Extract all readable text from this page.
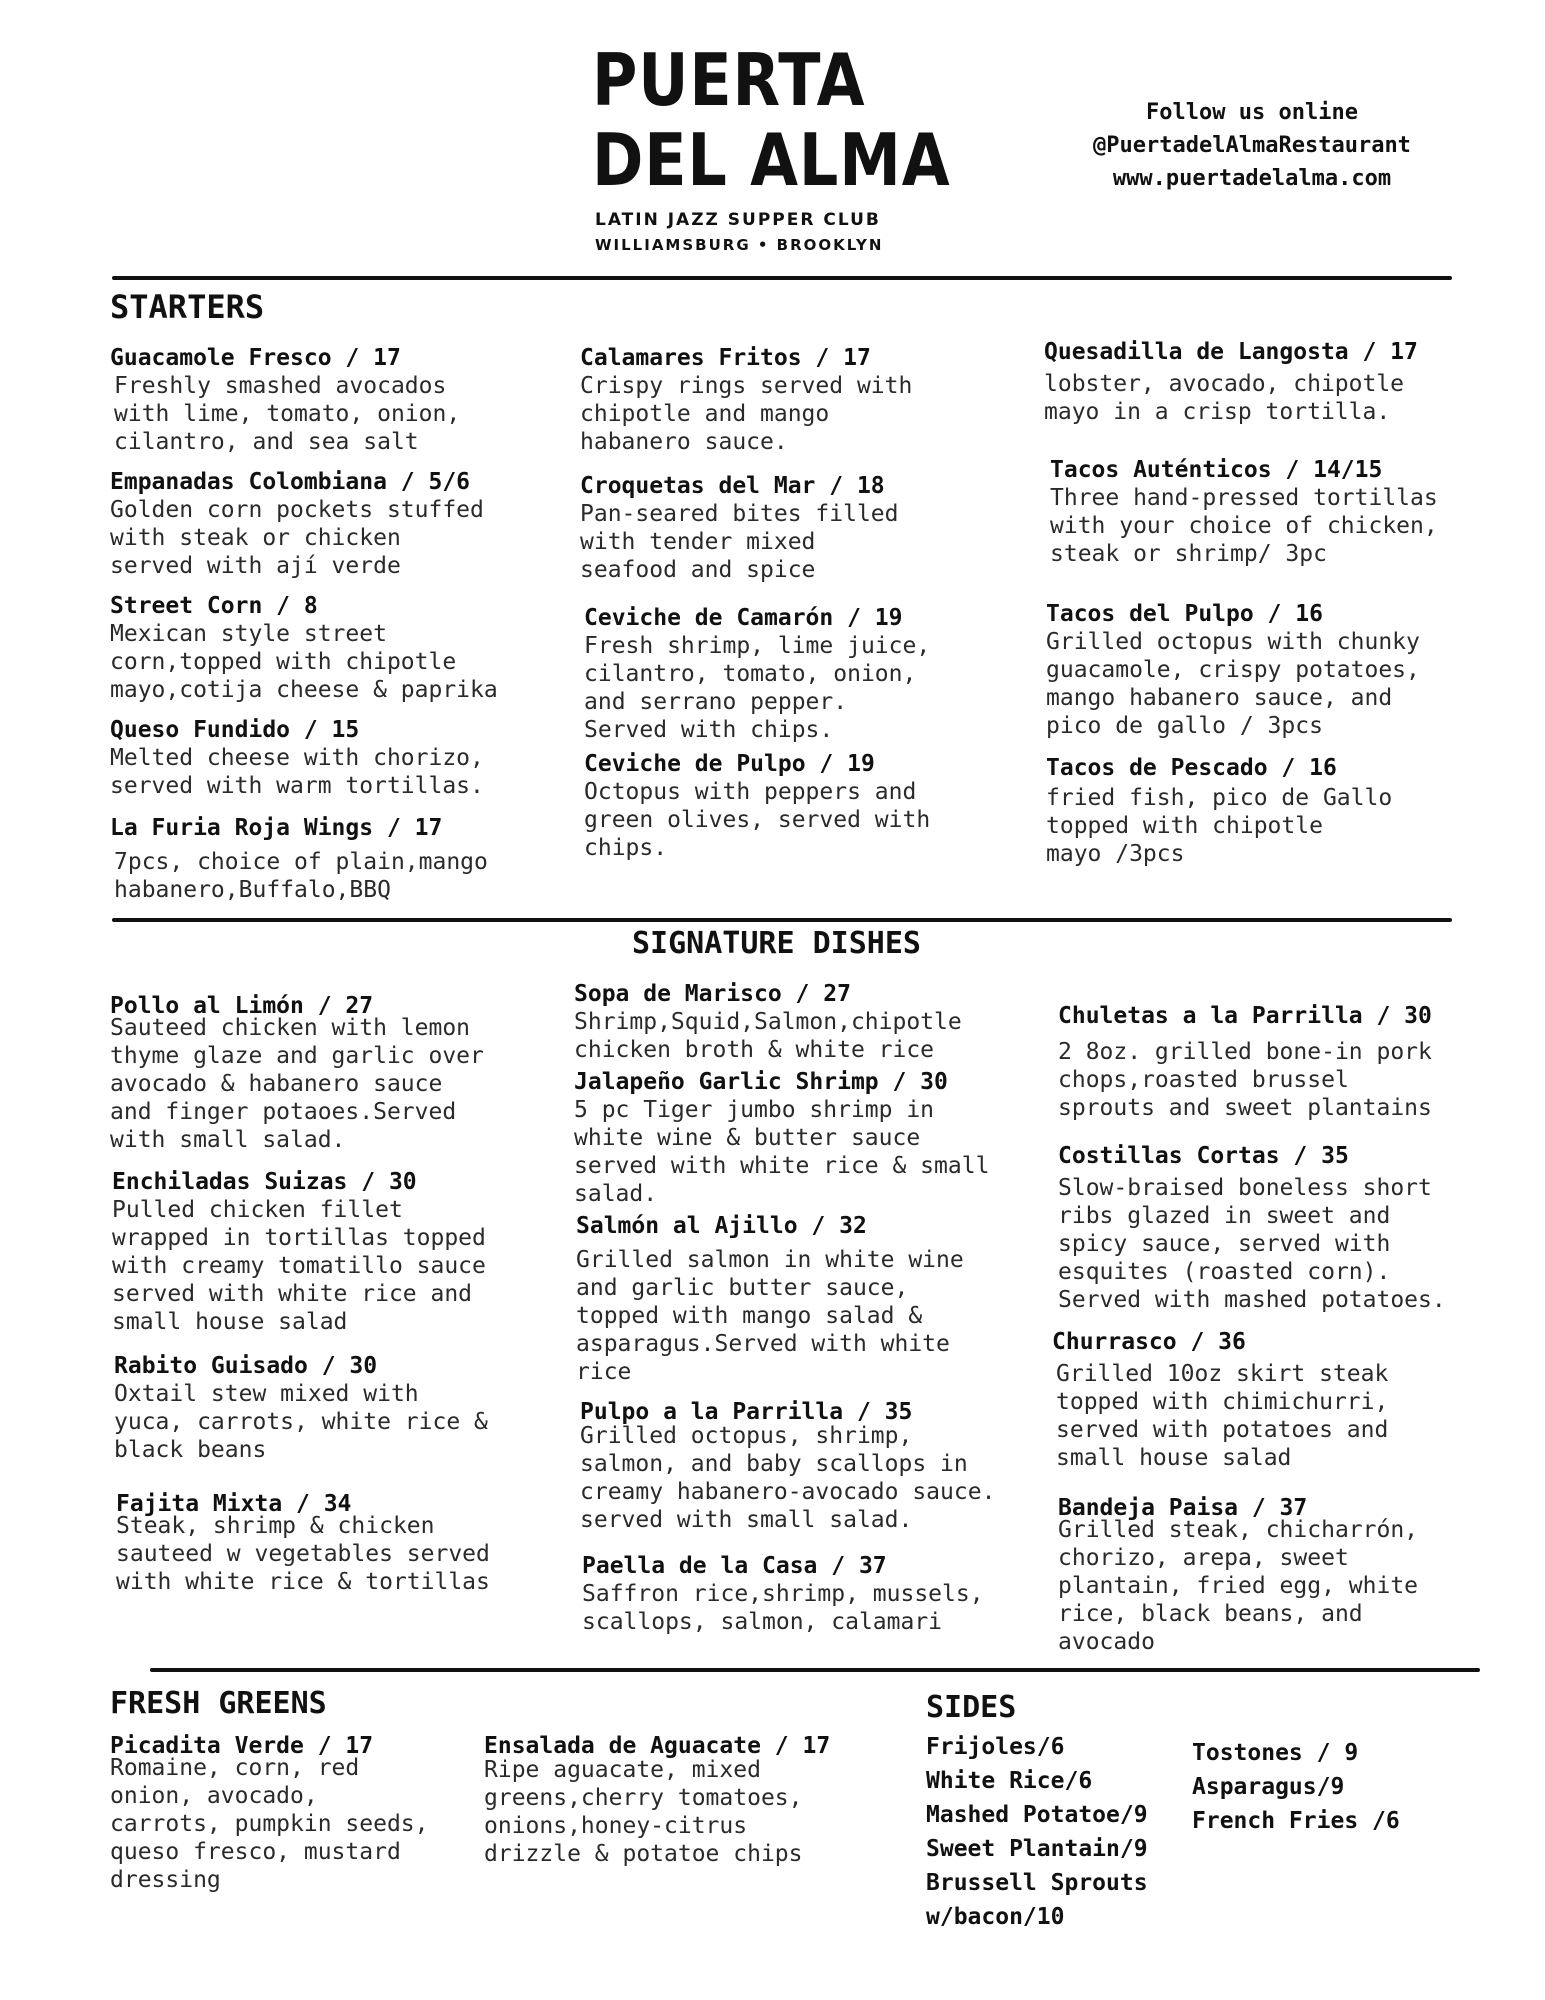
PUERTA
DEL ALMA
LATIN JAZZ SUPPER CLUB
WILLIAMSBURG • BROOKLYN
Follow us online
@PuertadelAlmaRestaurant
www.puertadelalma.com
STARTERS
Guacamole Fresco / 17
Freshly smashed avocados
with lime, tomato, onion,
cilantro, and sea salt
Empanadas Colombiana / 5/6
Golden corn pockets stuffed
with steak or chicken
served with ají verde
Street Corn / 8
Mexican style street
corn,topped with chipotle
mayo,cotija cheese & paprika
Queso Fundido / 15
Melted cheese with chorizo,
served with warm tortillas.
La Furia Roja Wings / 17
7pcs, choice of plain,mango
habanero,Buffalo,BBQ
Calamares Fritos / 17
Crispy rings served with
chipotle and mango
habanero sauce.
Croquetas del Mar / 18
Pan-seared bites filled
with tender mixed
seafood and spice
Ceviche de Camarón / 19
Fresh shrimp, lime juice,
cilantro, tomato, onion,
and serrano pepper.
Served with chips.
Ceviche de Pulpo / 19
Octopus with peppers and
green olives, served with
chips.
Quesadilla de Langosta / 17
lobster, avocado, chipotle
mayo in a crisp tortilla.
Tacos Auténticos / 14/15
Three hand-pressed tortillas
with your choice of chicken,
steak or shrimp/ 3pc
Tacos del Pulpo / 16
Grilled octopus with chunky
guacamole, crispy potatoes,
mango habanero sauce, and
pico de gallo / 3pcs
Tacos de Pescado / 16
fried fish, pico de Gallo
topped with chipotle
mayo /3pcs
SIGNATURE DISHES
Pollo al Limón / 27
Sauteed chicken with lemon
thyme glaze and garlic over
avocado & habanero sauce
and finger potaoes.Served
with small salad.
Enchiladas Suizas / 30
Pulled chicken fillet
wrapped in tortillas topped
with creamy tomatillo sauce
served with white rice and
small house salad
Rabito Guisado / 30
Oxtail stew mixed with
yuca, carrots, white rice &
black beans
Fajita Mixta / 34
Steak, shrimp & chicken
sauteed w vegetables served
with white rice & tortillas
Sopa de Marisco / 27
Shrimp,Squid,Salmon,chipotle
chicken broth & white rice
Jalapeño Garlic Shrimp / 30
5 pc Tiger jumbo shrimp in
white wine & butter sauce
served with white rice & small
salad.
Salmón al Ajillo / 32
Grilled salmon in white wine
and garlic butter sauce,
topped with mango salad &
asparagus.Served with white
rice
Pulpo a la Parrilla / 35
Grilled octopus, shrimp,
salmon, and baby scallops in
creamy habanero-avocado sauce.
served with small salad.
Paella de la Casa / 37
Saffron rice,shrimp, mussels,
scallops, salmon, calamari
Chuletas a la Parrilla / 30
2 8oz. grilled bone-in pork
chops,roasted brussel
sprouts and sweet plantains
Costillas Cortas / 35
Slow-braised boneless short
ribs glazed in sweet and
spicy sauce, served with
esquites (roasted corn).
Served with mashed potatoes.
Churrasco / 36
Grilled 10oz skirt steak
topped with chimichurri,
served with potatoes and
small house salad
Bandeja Paisa / 37
Grilled steak, chicharrón,
chorizo, arepa, sweet
plantain, fried egg, white
rice, black beans, and
avocado
FRESH GREENS
Picadita Verde / 17
Romaine, corn, red
onion, avocado,
carrots, pumpkin seeds,
queso fresco, mustard
dressing
Ensalada de Aguacate / 17
Ripe aguacate, mixed
greens,cherry tomatoes,
onions,honey-citrus
drizzle & potatoe chips
SIDES
Frijoles/6
White Rice/6
Mashed Potatoe/9
Sweet Plantain/9
Brussell Sprouts
w/bacon/10
Tostones / 9
Asparagus/9
French Fries /6
